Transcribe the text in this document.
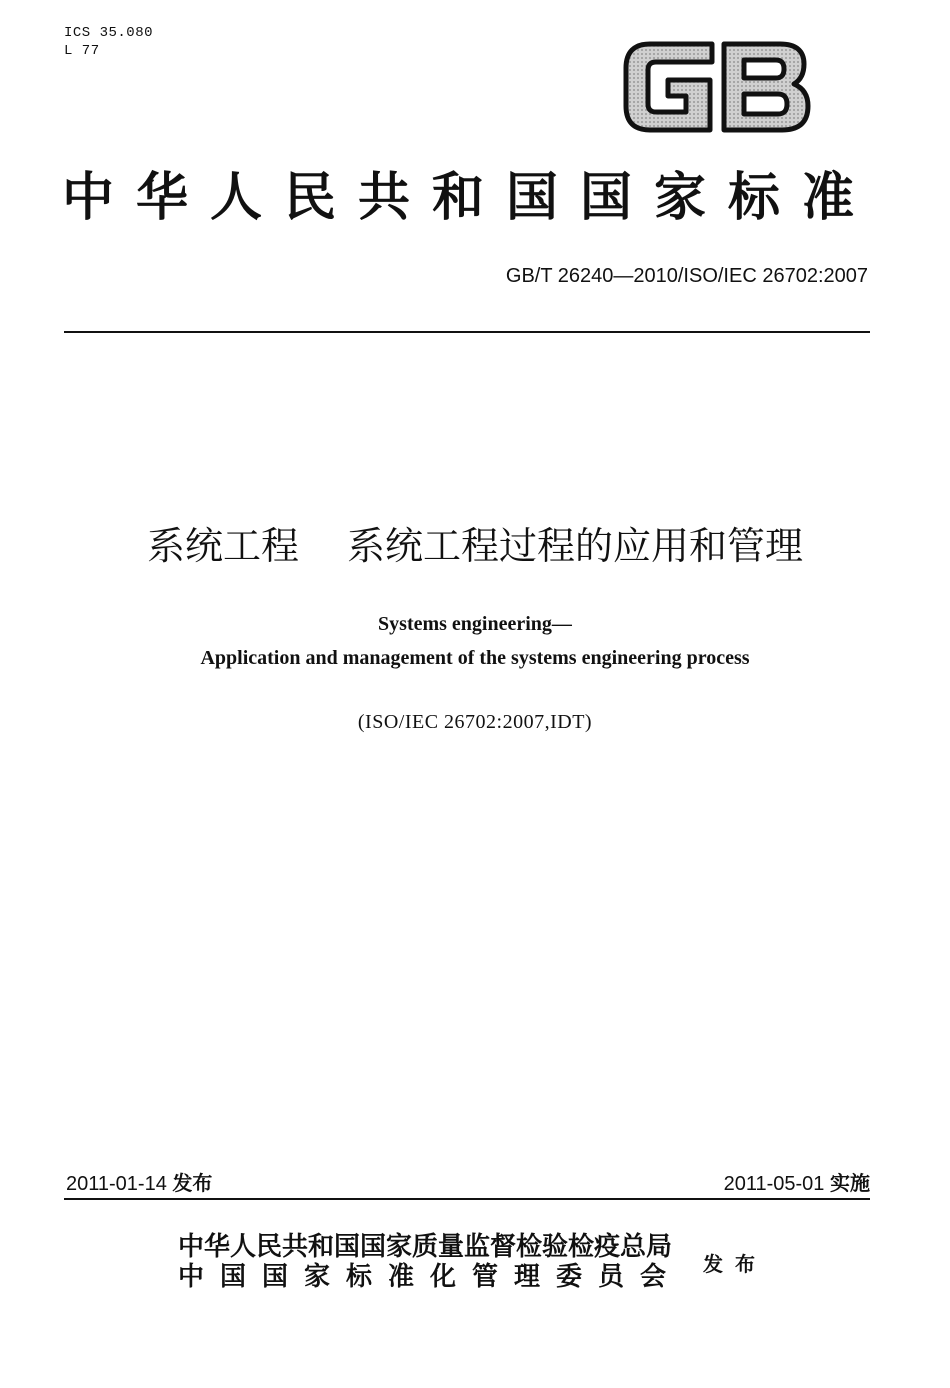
ICS 35.080
L 77
中华人民共和国国家标准
GB/T 26240—2010/ISO/IEC 26702:2007
系统工程 系统工程过程的应用和管理
Systems engineering—
Application and management of the systems engineering process
(ISO/IEC 26702:2007,IDT)
2011-01-14 发布	2011-05-01 实施
中华人民共和国国家质量监督检验检疫总局
中国国家标准化管理委员会 发布
